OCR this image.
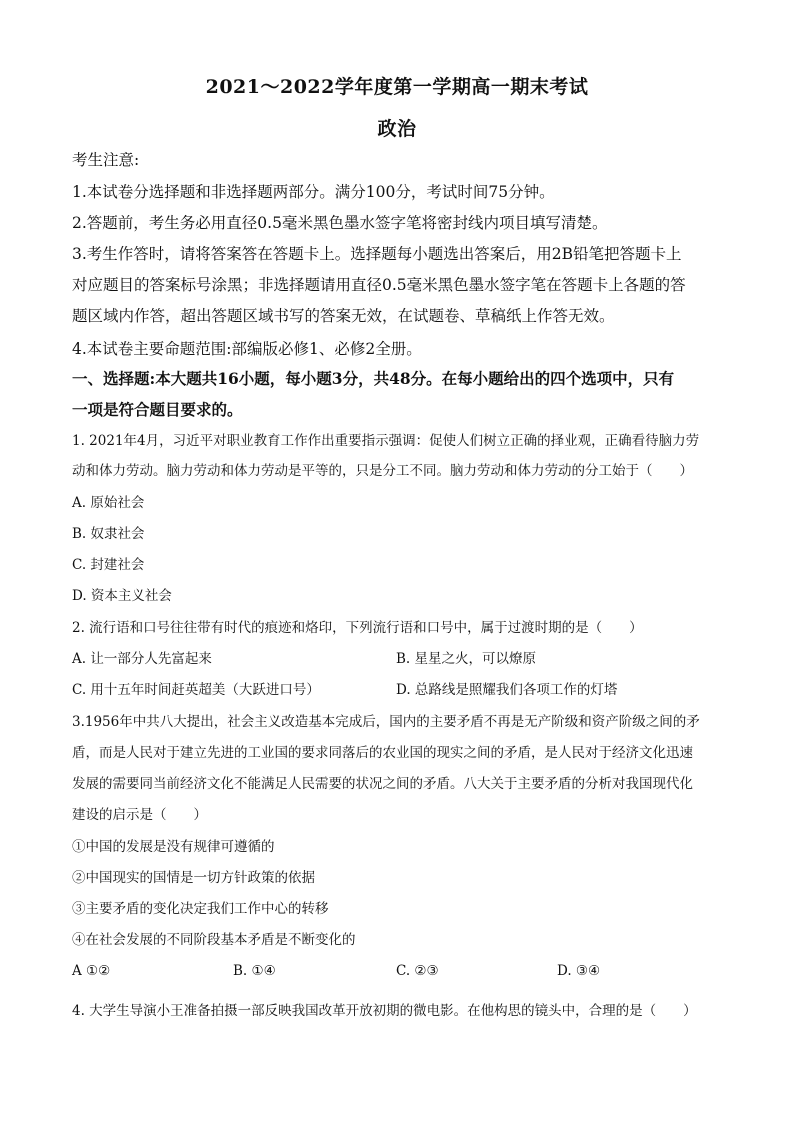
2021～2022学年度第一学期高一期末考试
政治
考生注意:
1.本试卷分选择题和非选择题两部分。满分100分，考试时间75分钟。
2.答题前，考生务必用直径0.5毫米黑色墨水签字笔将密封线内项目填写清楚。
3.考生作答时，请将答案答在答题卡上。选择题每小题选出答案后，用2B铅笔把答题卡上
对应题目的答案标号涂黑；非选择题请用直径0.5毫米黑色墨水签字笔在答题卡上各题的答
题区域内作答，超出答题区域书写的答案无效，在试题卷、草稿纸上作答无效。
4.本试卷主要命题范围:部编版必修1、必修2全册。
一、选择题:本大题共16小题，每小题3分，共48分。在每小题给出的四个选项中，只有
一项是符合题目要求的。
1. 2021年4月，习近平对职业教育工作作出重要指示强调：促使人们树立正确的择业观，正确看待脑力劳
动和体力劳动。脑力劳动和体力劳动是平等的，只是分工不同。脑力劳动和体力劳动的分工始于（　　）
A. 原始社会
B. 奴隶社会
C. 封建社会
D. 资本主义社会
2. 流行语和口号往往带有时代的痕迹和烙印，下列流行语和口号中，属于过渡时期的是（　　）
A. 让一部分人先富起来	B. 星星之火，可以燎原
C. 用十五年时间赶英超美（大跃进口号）	D. 总路线是照耀我们各项工作的灯塔
3.1956年中共八大提出，社会主义改造基本完成后，国内的主要矛盾不再是无产阶级和资产阶级之间的矛
盾，而是人民对于建立先进的工业国的要求同落后的农业国的现实之间的矛盾，是人民对于经济文化迅速
发展的需要同当前经济文化不能满足人民需要的状况之间的矛盾。八大关于主要矛盾的分析对我国现代化
建设的启示是（　　）
①中国的发展是没有规律可遵循的
②中国现实的国情是一切方针政策的依据
③主要矛盾的变化决定我们工作中心的转移
④在社会发展的不同阶段基本矛盾是不断变化的
A ①②	B. ①④	C. ②③	D. ③④
4. 大学生导演小王准备拍摄一部反映我国改革开放初期的微电影。在他构思的镜头中，合理的是（　　）
